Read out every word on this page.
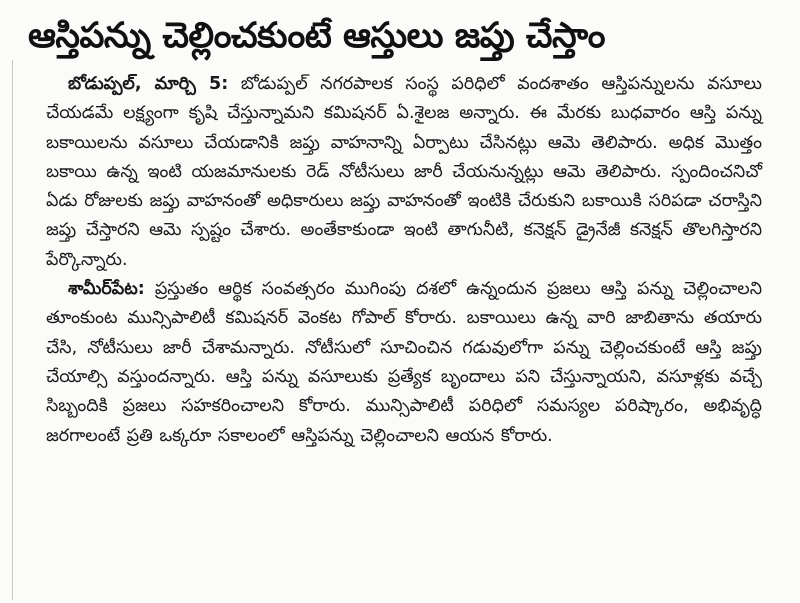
ఆస్తిపన్ను చెల్లించకుంటే ఆస్తులు జప్తు చేస్తాం

బోడుప్పల్, మార్చి 5: బోడుప్పల్ నగరపాలక సంస్థ పరిధిలో వందశాతం ఆస్తిపన్నులను వసూలు చేయడమే లక్ష్యంగా కృషి చేస్తున్నామని కమిషనర్ ఏ.శైలజ అన్నారు. ఈ మేరకు బుధవారం ఆస్తి పన్ను బకాయిలను వసూలు చేయడానికి జప్తు వాహనాన్ని ఏర్పాటు చేసినట్లు ఆమె తెలిపారు. అధిక మొత్తం బకాయి ఉన్న ఇంటి యజమానులకు రెడ్ నోటీసులు జారీ చేయనున్నట్లు ఆమె తెలిపారు. స్పందించనిచో ఏడు రోజులకు జప్తు వాహనంతో అధికారులు జప్తు వాహనంతో ఇంటికి చేరుకుని బకాయికి సరిపడా చరాస్తిని జప్తు చేస్తారని ఆమె స్పష్టం చేశారు. అంతేకాకుండా ఇంటి తాగునీటి, కనెక్షన్ డ్రైనేజీ కనెక్షన్ తొలగిస్తారని పేర్కొన్నారు.

శామీర్‌పేట: ప్రస్తుతం ఆర్థిక సంవత్సరం ముగింపు దశలో ఉన్నందున ప్రజలు ఆస్తి పన్ను చెల్లించాలని తూంకుంట మున్సిపాలిటీ కమిషనర్ వెంకట గోపాల్ కోరారు. బకాయిలు ఉన్న వారి జాబితాను తయారు చేసి, నోటీసులు జారీ చేశామన్నారు. నోటీసులో సూచించిన గడువులోగా పన్ను చెల్లించకుంటే ఆస్తి జప్తు చేయాల్సి వస్తుందన్నారు. ఆస్తి పన్ను వసూలుకు ప్రత్యేక బృందాలు పని చేస్తున్నాయని, వసూళ్లకు వచ్చే సిబ్బందికి ప్రజలు సహకరించాలని కోరారు. మున్సిపాలిటీ పరిధిలో సమస్యల పరిష్కారం, అభివృద్ధి జరగాలంటే ప్రతి ఒక్కరూ సకాలంలో ఆస్తిపన్ను చెల్లించాలని ఆయన కోరారు.
